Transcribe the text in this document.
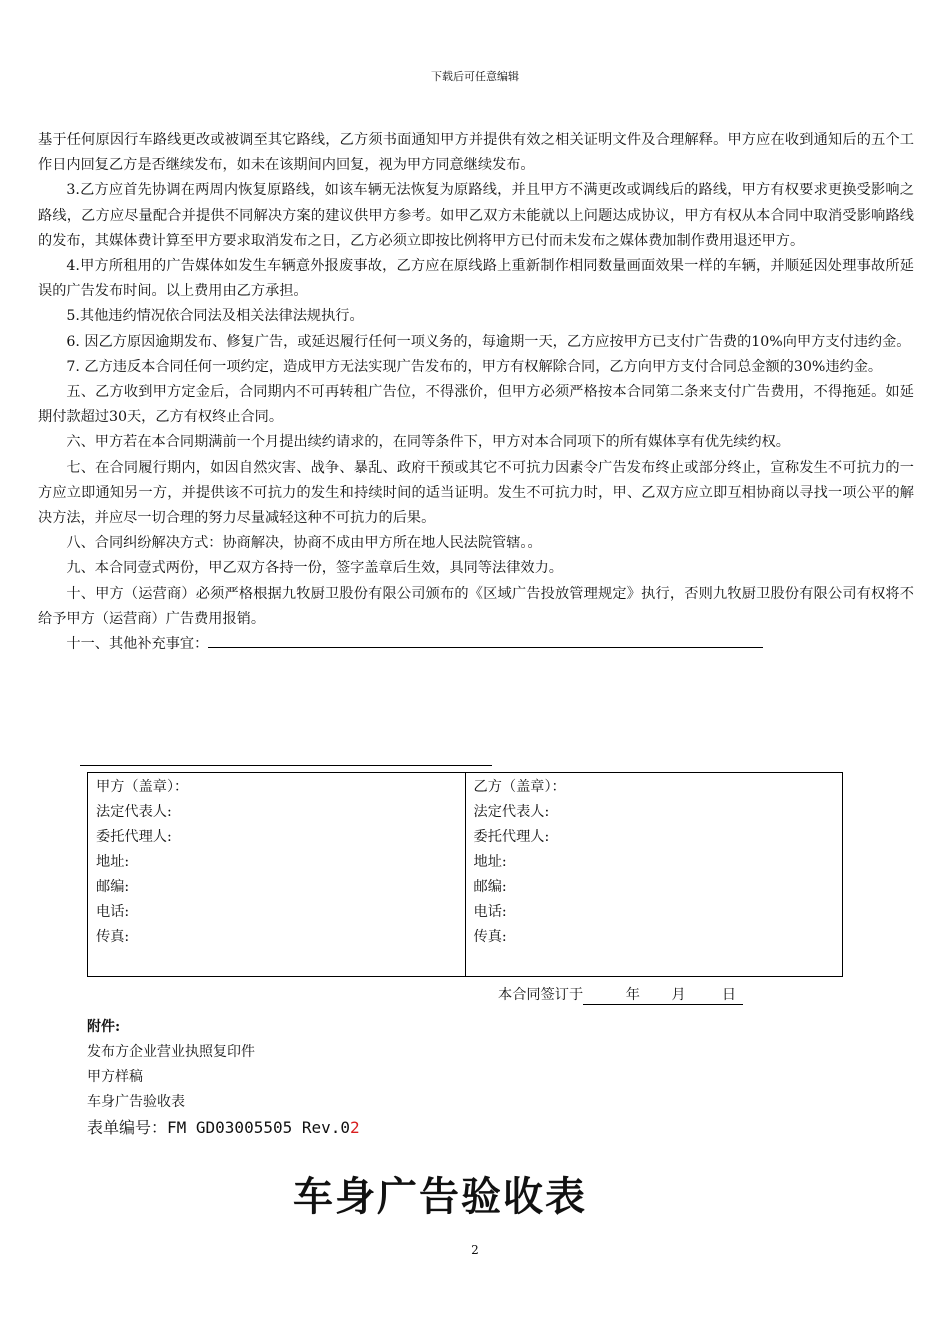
下载后可任意编辑

基于任何原因行车路线更改或被调至其它路线，乙方须书面通知甲方并提供有效之相关证明文件及合理解释。甲方应在收到通知后的五个工作日内回复乙方是否继续发布，如未在该期间内回复，视为甲方同意继续发布。

3.乙方应首先协调在两周内恢复原路线，如该车辆无法恢复为原路线，并且甲方不满更改或调线后的路线，甲方有权要求更换受影响之路线，乙方应尽量配合并提供不同解决方案的建议供甲方参考。如甲乙双方未能就以上问题达成协议，甲方有权从本合同中取消受影响路线的发布，其媒体费计算至甲方要求取消发布之日，乙方必须立即按比例将甲方已付而未发布之媒体费加制作费用退还甲方。

4.甲方所租用的广告媒体如发生车辆意外报废事故，乙方应在原线路上重新制作相同数量画面效果一样的车辆，并顺延因处理事故所延误的广告发布时间。以上费用由乙方承担。

5.其他违约情况依合同法及相关法律法规执行。

6. 因乙方原因逾期发布、修复广告，或延迟履行任何一项义务的，每逾期一天，乙方应按甲方已支付广告费的10%向甲方支付违约金。

7. 乙方违反本合同任何一项约定，造成甲方无法实现广告发布的，甲方有权解除合同，乙方向甲方支付合同总金额的30%违约金。

五、乙方收到甲方定金后，合同期内不可再转租广告位，不得涨价，但甲方必须严格按本合同第二条来支付广告费用，不得拖延。如延期付款超过30天，乙方有权终止合同。

六、甲方若在本合同期满前一个月提出续约请求的，在同等条件下，甲方对本合同项下的所有媒体享有优先续约权。

七、在合同履行期内，如因自然灾害、战争、暴乱、政府干预或其它不可抗力因素令广告发布终止或部分终止，宣称发生不可抗力的一方应立即通知另一方，并提供该不可抗力的发生和持续时间的适当证明。发生不可抗力时，甲、乙双方应立即互相协商以寻找一项公平的解决方法，并应尽一切合理的努力尽量减轻这种不可抗力的后果。

八、合同纠纷解决方式：协商解决，协商不成由甲方所在地人民法院管辖。。

九、本合同壹式两份，甲乙双方各持一份，签字盖章后生效，具同等法律效力。

十、甲方（运营商）必须严格根据九牧厨卫股份有限公司颁布的《区域广告投放管理规定》执行，否则九牧厨卫股份有限公司有权将不给予甲方（运营商）广告费用报销。

十一、其他补充事宜：

甲方（盖章）：
法定代表人:
委托代理人:
地址:
邮编:
电话:
传真:

乙方（盖章）：
法定代表人:
委托代理人:
地址:
邮编:
电话:
传真:
本合同签订于	年 月	日
附件:
发布方企业营业执照复印件
甲方样稿
车身广告验收表
表单编号：FM GD03005505 Rev.02
车身广告验收表
2
